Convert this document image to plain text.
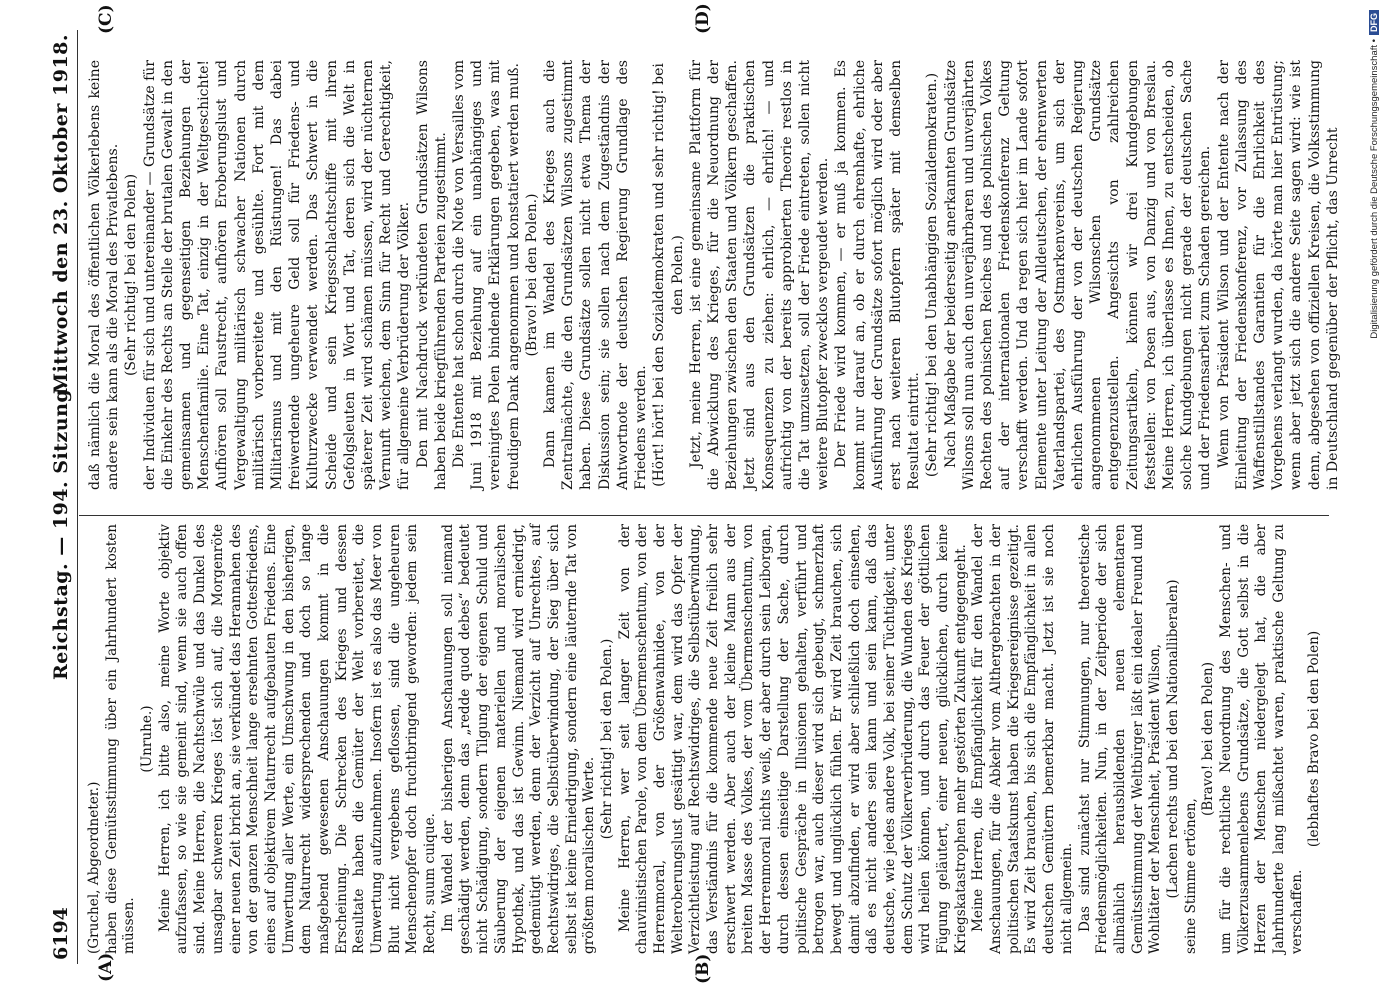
6194
Reichstag. — 194. Sitzung.
Mittwoch den 23. Oktober 1918.
(A)	(B)
(C)	(D)

(Gruchel, Abgeordneter.) haben diese Gemütsstimmung über ein Jahrhundert kosten müssen.

(Unruhe.) Meine Herren, ich bitte also, meine Worte objektiv aufzufassen, so wie sie gemeint sind, wenn sie auch offen sind. Meine Herren, die Nachtschwüle und das Dunkel des unsagbar schweren Krieges löst sich auf, die Morgenröte einer neuen Zeit bricht an, sie verkündet das Herannahen des von der ganzen Menschheit lange ersehnten Gottesfriedens, eines auf objektivem Naturrecht aufgebauten Friedens. Eine Umwertung aller Werte, ein Umschwung in den bisherigen, dem Naturrecht widersprechenden und doch so lange maßgebend gewesenen Anschauungen kommt in die Erscheinung. Die Schrecken des Krieges und dessen Resultate haben die Gemüter der Welt vorbereitet, die Umwertung aufzunehmen. Insofern ist es also das Meer von Blut nicht vergebens geflossen, sind die ungeheuren Menschenopfer doch fruchtbringend geworden: jedem sein Recht, suum cuique. Im Wandel der bisherigen Anschauungen soll niemand geschädigt werden, denn das „redde quod debes“ bedeutet nicht Schädigung, sondern Tilgung der eigenen Schuld und Säuberung der eigenen materiellen und moralischen Hypothek, und das ist Gewinn. Niemand wird erniedrigt, gedemütigt werden, denn der Verzicht auf Unrechtes, auf Rechtswidriges, die Selbstüberwindung, der Sieg über sich selbst ist keine Erniedrigung, sondern eine läuternde Tat von größtem moralischen Werte.

(Sehr richtig! bei den Polen.) Meine Herren, wer seit langer Zeit von der chauvinistischen Parole, von dem Übermenschentum, von der Herrenmoral, von der Größenwahnidee, von der Welteroberungslust gesättigt war, dem wird das Opfer der Verzichtleistung auf Rechtswidriges, die Selbstüberwindung, das Verständnis für die kommende neue Zeit freilich sehr erschwert werden. Aber auch der kleine Mann aus der breiten Masse des Volkes, der vom Übermenschentum, von der Herrenmoral nichts weiß, der aber durch sein Leiborgan, durch dessen einseitige Darstellung der Sache, durch politische Gespräche in Illusionen gehalten, verführt und betrogen war, auch dieser wird sich gebeugt, schmerzhaft bewegt und unglücklich fühlen. Er wird Zeit brauchen, sich damit abzufinden, er wird aber schließlich doch einsehen, daß es nicht anders sein kann und sein kann, daß das deutsche, wie jedes andere Volk, bei seiner Tüchtigkeit, unter dem Schutz der Völkerverbrüderung, die Wunden des Krieges wird heilen können, und durch das Feuer der göttlichen Fügung geläutert, einer neuen, glücklichen, durch keine Kriegskatastrophen mehr gestörten Zukunft entgegengeht. Meine Herren, die Empfänglichkeit für den Wandel der Anschauungen, für die Abkehr vom Althergebrachten in der politischen Staatskunst haben die Kriegsereignisse gezeitigt. Es wird Zeit brauchen, bis sich die Empfänglichkeit in allen deutschen Gemütern bemerkbar macht. Jetzt ist sie noch nicht allgemein. Das sind zunächst nur Stimmungen, nur theoretische Friedensmöglichkeiten. Nun, in der Zeitperiode der sich allmählich herausbildenden neuen elementaren Gemütsstimmung der Weltbürger läßt ein idealer Freund und Wohltäter der Menschheit, Präsident Wilson, (Lachen rechts und bei den Nationalliberalen) seine Stimme ertönen,

(Bravo! bei den Polen) um für die rechtliche Neuordnung des Menschen- und Völkerzusammenlebens Grundsätze, die Gott selbst in die Herzen der Menschen niedergelegt hat, die aber Jahrhunderte lang mißachtet waren, praktische Geltung zu verschaffen.

(lebhaftes Bravo bei den Polen)

daß nämlich die Moral des öffentlichen Völkerlebens keine andere sein kann als die Moral des Privatlebens. (Sehr richtig! bei den Polen) der Individuen für sich und untereinander — Grundsätze für die Einkehr des Rechts an Stelle der brutalen Gewalt in den gemeinsamen und gegenseitigen Beziehungen der Menschenfamilie. Eine Tat, einzig in der Weltgeschichte! Aufhören soll Faustrecht, aufhören Eroberungslust und Vergewaltigung militärisch schwacher Nationen durch militärisch vorbereitete und gesühlte. Fort mit dem Militarismus und mit den Rüstungen! Das dabei freiwerdende ungeheure Geld soll für Friedens- und Kulturzwecke verwendet werden. Das Schwert in die Scheide und sein Kriegsschlachtschiffe mit ihren Gefolgsleuten in Wort und Tat, deren sich die Welt in späterer Zeit wird schämen müssen, wird der nüchternen Vernunft weichen, dem Sinn für Recht und Gerechtigkeit, für allgemeine Verbrüderung der Völker. Den mit Nachdruck verkündeten Grundsätzen Wilsons haben beide kriegführenden Parteien zugestimmt. Die Entente hat schon durch die Note von Versailles vom Juni 1918 mit Beziehung auf ein unabhängiges und vereinigtes Polen bindende Erklärungen gegeben, was mit freudigem Dank angenommen und konstatiert werden muß. (Bravo! bei den Polen.) Dann kamen im Wandel des Krieges auch die Zentralmächte, die den Grundsätzen Wilsons zugestimmt haben. Diese Grundsätze sollen nicht etwa Thema der Diskussion sein; sie sollen nach dem Zugeständnis der Antwortnote der deutschen Regierung Grundlage des Friedens werden. (Hört! hört! bei den Sozialdemokraten und sehr richtig! bei den Polen.) Jetzt, meine Herren, ist eine gemeinsame Plattform für die Abwicklung des Krieges, für die Neuordnung der Beziehungen zwischen den Staaten und Völkern geschaffen. Jetzt sind aus den Grundsätzen die praktischen Konsequenzen zu ziehen: ehrlich, — ehrlich! — und aufrichtig von der bereits approbierten Theorie restlos in die Tat umzusetzen, soll der Friede eintreten, sollen nicht weitere Blutopfer zwecklos vergeudet werden. Der Friede wird kommen, — er muß ja kommen. Es kommt nur darauf an, ob er durch ehrenhafte, ehrliche Ausführung der Grundsätze sofort möglich wird oder aber erst nach weiteren Blutopfern später mit demselben Resultat eintritt. (Sehr richtig! bei den Unabhängigen Sozialdemokraten.) Nach Maßgabe der beiderseitig anerkannten Grundsätze Wilsons soll nun auch den unverjährbaren und unverjährten Rechten des polnischen Reiches und des polnischen Volkes auf der internationalen Friedenskonferenz Geltung verschafft werden. Und da regen sich hier im Lande sofort Elemente unter Leitung der Alldeutschen, der ehrenwerten Vaterlandspartei, des Ostmarkenvereins, um sich der ehrlichen Ausführung der von der deutschen Regierung angenommenen Wilsonschen Grundsätze entgegenzustellen. Angesichts von zahlreichen Zeitungsartikeln, können wir drei Kundgebungen feststellen: von Posen aus, von Danzig und von Breslau. Meine Herren, ich überlasse es Ihnen, zu entscheiden, ob solche Kundgebungen nicht gerade der deutschen Sache und der Friedensarbeit zum Schaden gereichen. Wenn von Präsident Wilson und der Entente nach der Einleitung der Friedenskonferenz, vor Zulassung des Waffenstillstandes Garantien für die Ehrlichkeit des Vorgehens verlangt wurden, da hörte man hier Entrüstung; wenn aber jetzt sich die andere Seite sagen wird: wie ist denn, abgesehen von offiziellen Kreisen, die Volksstimmung in Deutschland gegenüber der Pflicht, das Unrecht	Digitalisierung gefördert durch die Deutsche Forschungsgemeinschaft •DFG
